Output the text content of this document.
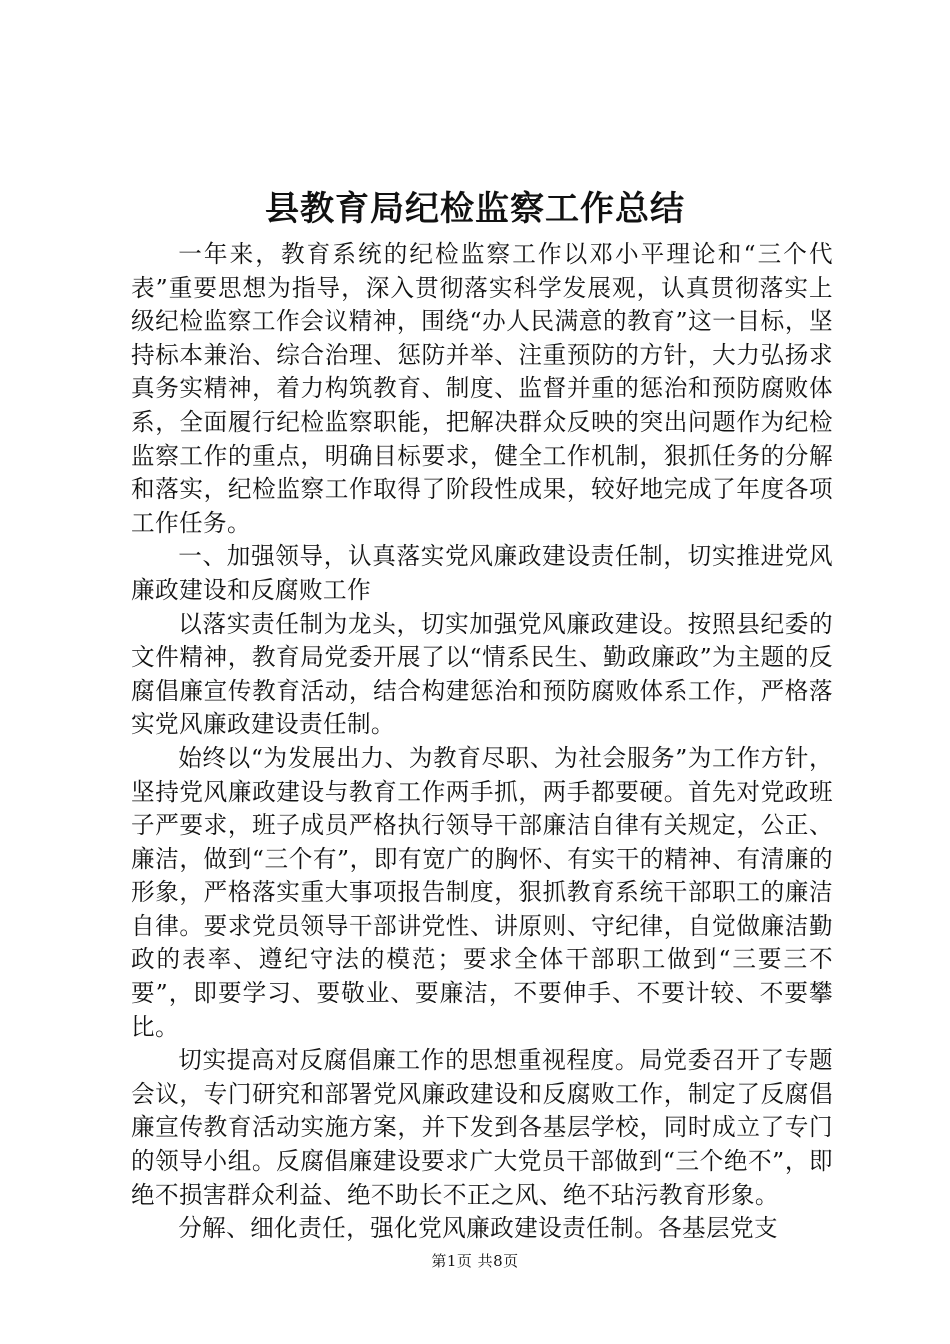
县教育局纪检监察工作总结

一年来，教育系统的纪检监察工作以邓小平理论和“三个代表”重要思想为指导，深入贯彻落实科学发展观，认真贯彻落实上级纪检监察工作会议精神，围绕“办人民满意的教育”这一目标，坚持标本兼治、综合治理、惩防并举、注重预防的方针，大力弘扬求真务实精神，着力构筑教育、制度、监督并重的惩治和预防腐败体系，全面履行纪检监察职能，把解决群众反映的突出问题作为纪检监察工作的重点，明确目标要求，健全工作机制，狠抓任务的分解和落实，纪检监察工作取得了阶段性成果，较好地完成了年度各项工作任务。

一、加强领导，认真落实党风廉政建设责任制，切实推进党风廉政建设和反腐败工作

以落实责任制为龙头，切实加强党风廉政建设。按照县纪委的文件精神，教育局党委开展了以“情系民生、勤政廉政”为主题的反腐倡廉宣传教育活动，结合构建惩治和预防腐败体系工作，严格落实党风廉政建设责任制。

始终以“为发展出力、为教育尽职、为社会服务”为工作方针，坚持党风廉政建设与教育工作两手抓，两手都要硬。首先对党政班子严要求，班子成员严格执行领导干部廉洁自律有关规定，公正、廉洁，做到“三个有”，即有宽广的胸怀、有实干的精神、有清廉的形象，严格落实重大事项报告制度，狠抓教育系统干部职工的廉洁自律。要求党员领导干部讲党性、讲原则、守纪律，自觉做廉洁勤政的表率、遵纪守法的模范；要求全体干部职工做到“三要三不要”，即要学习、要敬业、要廉洁，不要伸手、不要计较、不要攀比。

切实提高对反腐倡廉工作的思想重视程度。局党委召开了专题会议，专门研究和部署党风廉政建设和反腐败工作，制定了反腐倡廉宣传教育活动实施方案，并下发到各基层学校，同时成立了专门的领导小组。反腐倡廉建设要求广大党员干部做到“三个绝不”，即绝不损害群众利益、绝不助长不正之风、绝不玷污教育形象。

分解、细化责任，强化党风廉政建设责任制。各基层党支

第1页 共8页
